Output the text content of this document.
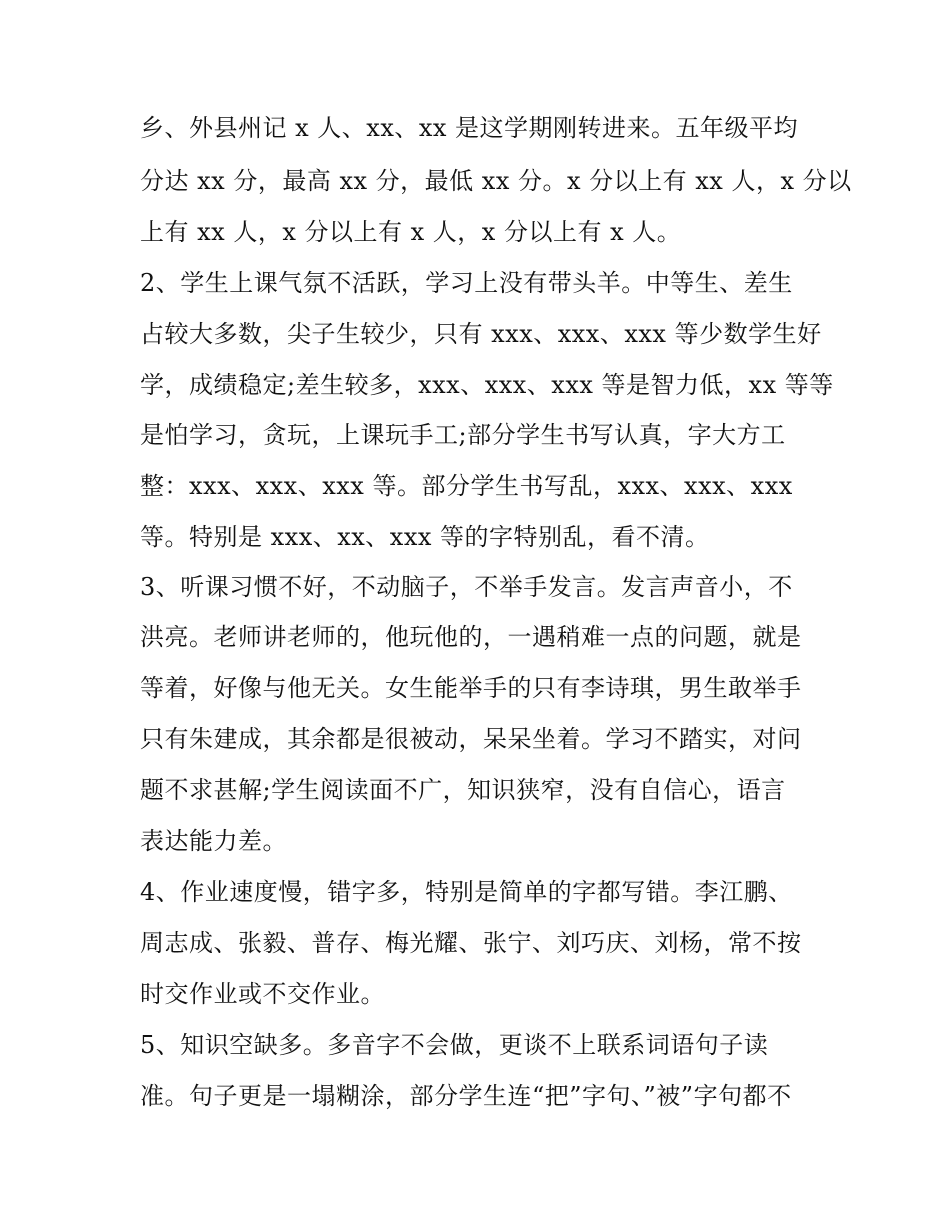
乡、外县州记 x 人、xx、xx 是这学期刚转进来。五年级平均
分达 xx 分，最高 xx 分，最低 xx 分。x 分以上有 xx 人，x 分以
上有 xx 人，x 分以上有 x 人，x 分以上有 x 人。
2、学生上课气氛不活跃，学习上没有带头羊。中等生、差生
占较大多数，尖子生较少，只有 xxx、xxx、xxx 等少数学生好
学，成绩稳定;差生较多，xxx、xxx、xxx 等是智力低，xx 等等
是怕学习，贪玩，上课玩手工;部分学生书写认真，字大方工
整：xxx、xxx、xxx 等。部分学生书写乱，xxx、xxx、xxx
等。特别是 xxx、xx、xxx 等的字特别乱，看不清。
3、听课习惯不好，不动脑子，不举手发言。发言声音小，不
洪亮。老师讲老师的，他玩他的，一遇稍难一点的问题，就是
等着，好像与他无关。女生能举手的只有李诗琪，男生敢举手
只有朱建成，其余都是很被动，呆呆坐着。学习不踏实，对问
题不求甚解;学生阅读面不广，知识狭窄，没有自信心，语言
表达能力差。
4、作业速度慢，错字多，特别是简单的字都写错。李江鹏、
周志成、张毅、普存、梅光耀、张宁、刘巧庆、刘杨，常不按
时交作业或不交作业。
5、知识空缺多。多音字不会做，更谈不上联系词语句子读
准。句子更是一塌糊涂，部分学生连“把”字句、”被”字句都不
